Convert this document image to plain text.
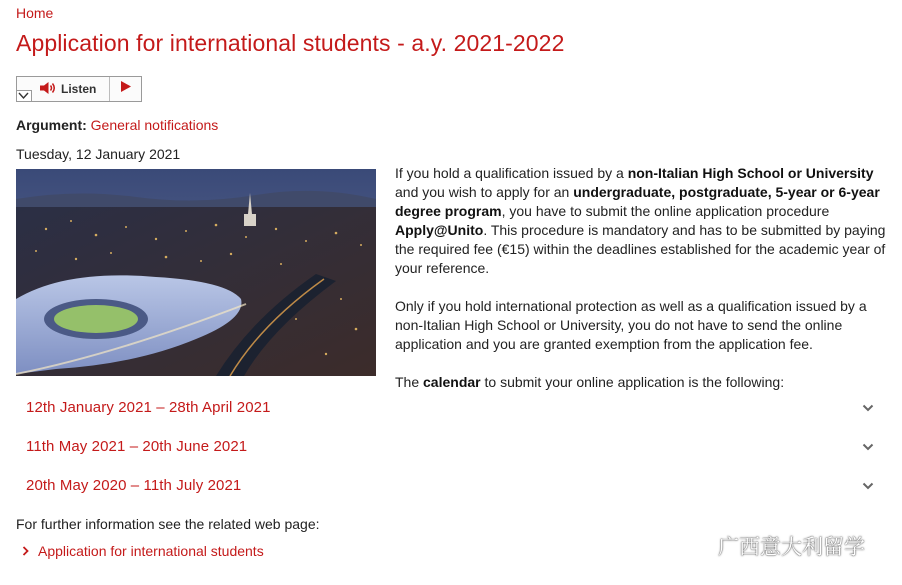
Home
Application for international students - a.y. 2021-2022
Listen
Argument: General notifications
Tuesday, 12 January 2021

If you hold a qualification issued by a non-Italian High School or University and you wish to apply for an undergraduate, postgraduate, 5-year or 6-year degree program, you have to submit the online application procedure Apply@Unito. This procedure is mandatory and has to be submitted by paying the required fee (€15) within the deadlines established for the academic year of your reference.

Only if you hold international protection as well as a qualification issued by a non-Italian High School or University, you do not have to send the online application and you are granted exemption from the application fee.

The calendar to submit your online application is the following:

12th January 2021 – 28th April 2021
11th May 2021 – 20th June 2021
20th May 2020 – 11th July 2021
For further information see the related web page:
Application for international students	广西意大利留学
